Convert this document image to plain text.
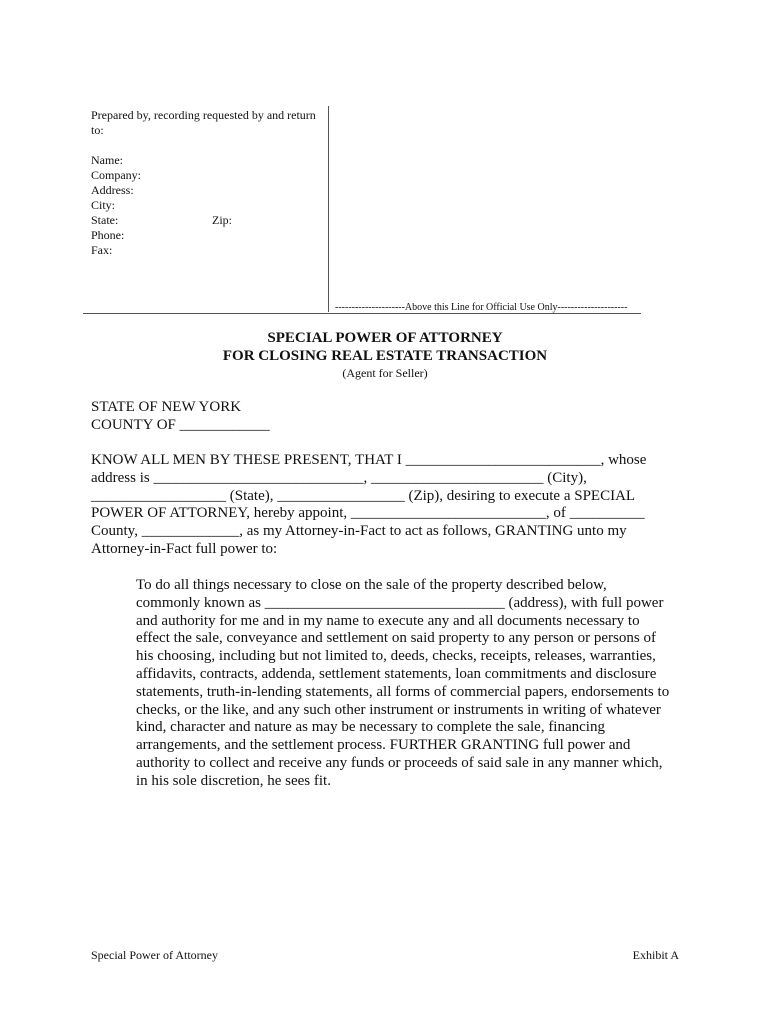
Prepared by, recording requested by and return to:
Name:
Company:
Address:
City:
State:	Zip:
Phone:
Fax:
---------------------Above this Line for Official Use Only---------------------
SPECIAL POWER OF ATTORNEY
FOR CLOSING REAL ESTATE TRANSACTION
(Agent for Seller)
STATE OF NEW YORK
COUNTY OF ____________
KNOW ALL MEN BY THESE PRESENT, THAT I __________________________, whose
address is ____________________________, _______________________ (City),
__________________ (State), _________________ (Zip), desiring to execute a SPECIAL
POWER OF ATTORNEY, hereby appoint, __________________________, of __________
County, _____________, as my Attorney-in-Fact to act as follows, GRANTING unto my
Attorney-in-Fact full power to:
To do all things necessary to close on the sale of the property described below,
commonly known as ________________________________ (address), with full power
and authority for me and in my name to execute any and all documents necessary to
effect the sale, conveyance and settlement on said property to any person or persons of
his choosing, including but not limited to, deeds, checks, receipts, releases, warranties,
affidavits, contracts, addenda, settlement statements, loan commitments and disclosure
statements, truth-in-lending statements, all forms of commercial papers, endorsements to
checks, or the like, and any such other instrument or instruments in writing of whatever
kind, character and nature as may be necessary to complete the sale, financing
arrangements, and the settlement process. FURTHER GRANTING full power and
authority to collect and receive any funds or proceeds of said sale in any manner which,
in his sole discretion, he sees fit.
Special Power of Attorney	Exhibit A
